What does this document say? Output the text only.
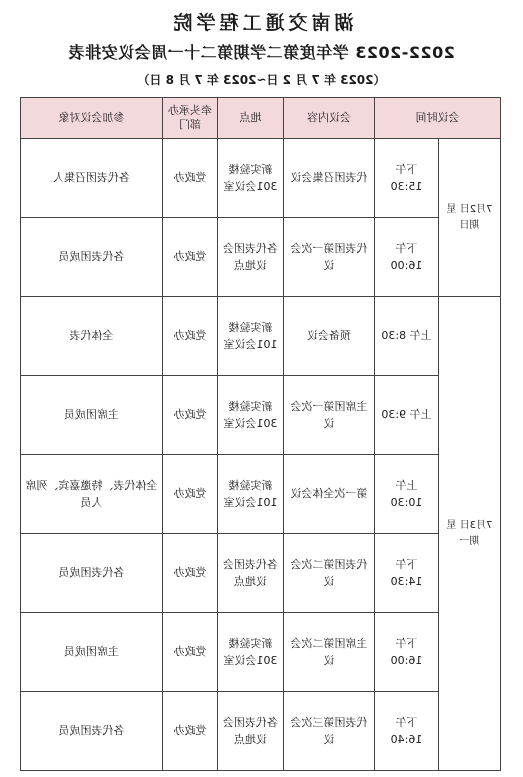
湖南交通工程学院
2022-2023 学年度第二学期第二十一周会议安排表
（2023 年 7 月 2 日~2023 年 7 月 8 日）
会议时间		会议内容	地点	牵头承办部门	参加会议对象
7月2日 星期日	下午 15:30	代表团召集会议	新实验楼301会议室	党政办	各代表团召集人
	下午 16:00	代表团第一次会议	各代表团会议地点	党政办	各代表团成员
7月3日 星期一	上午 8:30	预备会议	新实验楼101会议室	党政办	全体代表
	上午 9:30	主席团第一次会议	新实验楼301会议室	党政办	主席团成员
	上午 10:30	第一次全体会议	新实验楼101会议室	党政办	全体代表、特邀嘉宾、列席人员
	下午 14:30	代表团第二次会议	各代表团会议地点	党政办	各代表团成员
	下午 16:00	主席团第二次会议	新实验楼301会议室	党政办	主席团成员
	下午 16:40	代表团第三次会议	各代表团会议地点	党政办	各代表团成员
